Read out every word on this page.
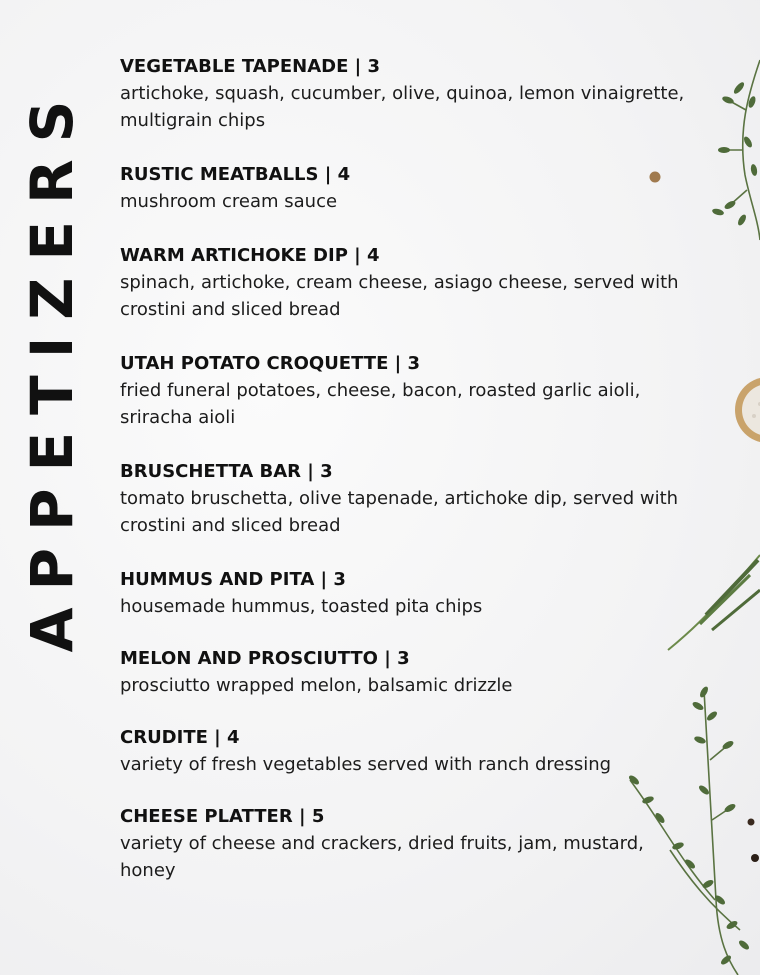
APPETIZERS
VEGETABLE TAPENADE | 3
artichoke, squash, cucumber, olive, quinoa, lemon vinaigrette, multigrain chips
RUSTIC MEATBALLS | 4
mushroom cream sauce
WARM ARTICHOKE DIP | 4
spinach, artichoke, cream cheese, asiago cheese, served with crostini and sliced bread
UTAH POTATO CROQUETTE | 3
fried funeral potatoes, cheese, bacon, roasted garlic aioli, sriracha aioli
BRUSCHETTA BAR | 3
tomato bruschetta, olive tapenade, artichoke dip, served with crostini and sliced bread
HUMMUS AND PITA | 3
housemade hummus, toasted pita chips
MELON AND PROSCIUTTO | 3
prosciutto wrapped melon, balsamic drizzle
CRUDITE | 4
variety of fresh vegetables served with ranch dressing
CHEESE PLATTER | 5
variety of cheese and crackers, dried fruits, jam, mustard, honey
